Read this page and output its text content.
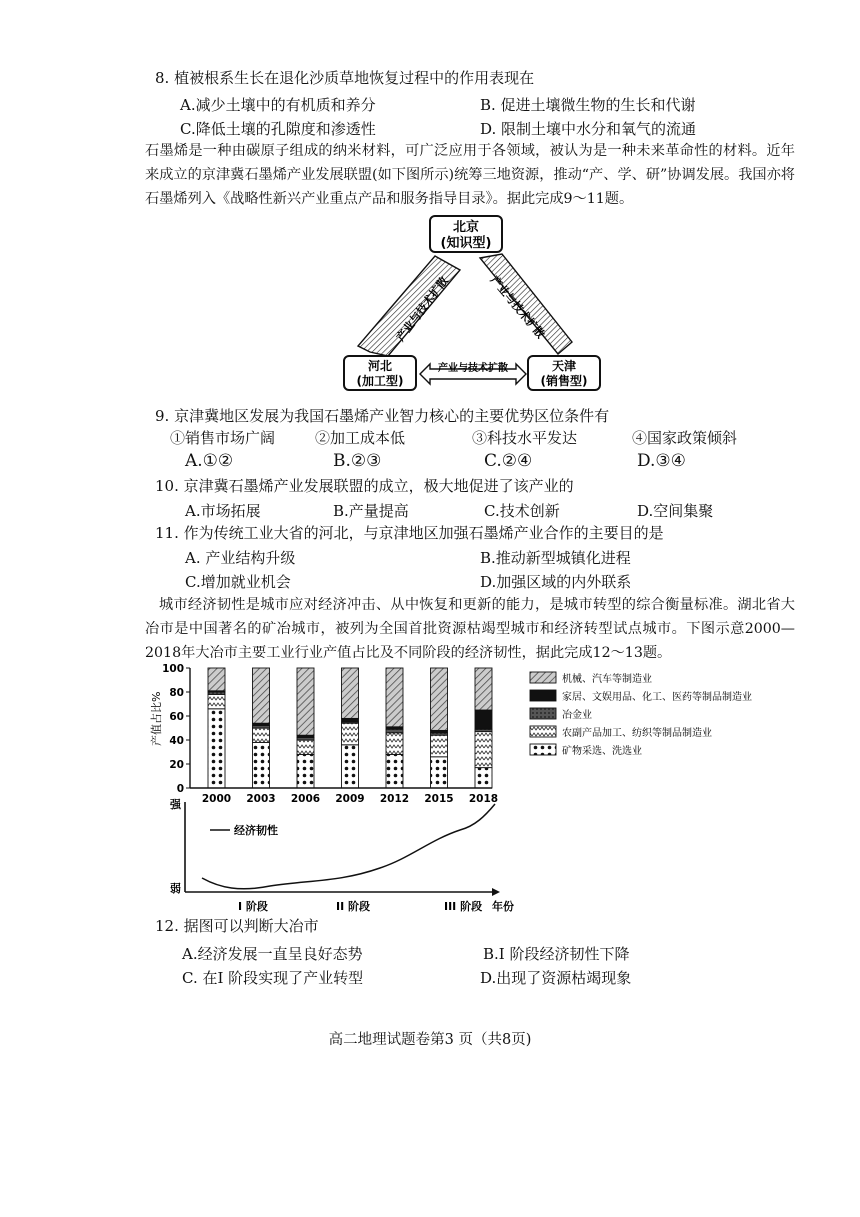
8. 植被根系生长在退化沙质草地恢复过程中的作用表现在
A.减少土壤中的有机质和养分	B. 促进土壤微生物的生长和代谢
C.降低土壤的孔隙度和渗透性	D. 限制土壤中水分和氧气的流通
石墨烯是一种由碳原子组成的纳米材料，可广泛应用于各领域，被认为是一种未来革命性的材料。近年来成立的京津冀石墨烯产业发展联盟(如下图所示)统筹三地资源，推动“产、学、研”协调发展。我国亦将石墨烯列入《战略性新兴产业重点产品和服务指导目录》。据此完成9～11题。
北京
(知识型)
河北
(加工型)
天津
(销售型)
产业与技术扩散	产业与技术扩散
产业与技术扩散
9. 京津冀地区发展为我国石墨烯产业智力核心的主要优势区位条件有
①销售市场广阔	②加工成本低	③科技水平发达	④国家政策倾斜
A.①②	B.②③	C.②④	D.③④
10. 京津冀石墨烯产业发展联盟的成立，极大地促进了该产业的
A.市场拓展	B.产量提高	C.技术创新	D.空间集聚
11. 作为传统工业大省的河北，与京津地区加强石墨烯产业合作的主要目的是
A. 产业结构升级	B.推动新型城镇化进程
C.增加就业机会	D.加强区域的内外联系
城市经济韧性是城市应对经济冲击、从中恢复和更新的能力，是城市转型的综合衡量标准。湖北省大冶市是中国著名的矿冶城市，被列为全国首批资源枯竭型城市和经济转型试点城市。下图示意2000—2018年大冶市主要工业行业产值占比及不同阶段的经济韧性，据此完成12～13题。
100
80
60
40
20
0
产值占比%
2000 2003 2006 2009 2012 2015 2018
机械、汽车等制造业
家居、文娱用品、化工、医药等制品制造业
冶金业
农副产品加工、纺织等制品制造业
矿物采选、洗选业
强
弱
经济韧性
I 阶段	II 阶段	III 阶段 年份
12. 据图可以判断大冶市
A.经济发展一直呈良好态势	B.I 阶段经济韧性下降
C. 在I 阶段实现了产业转型	D.出现了资源枯竭现象
高二地理试题卷第3 页（共8页)
